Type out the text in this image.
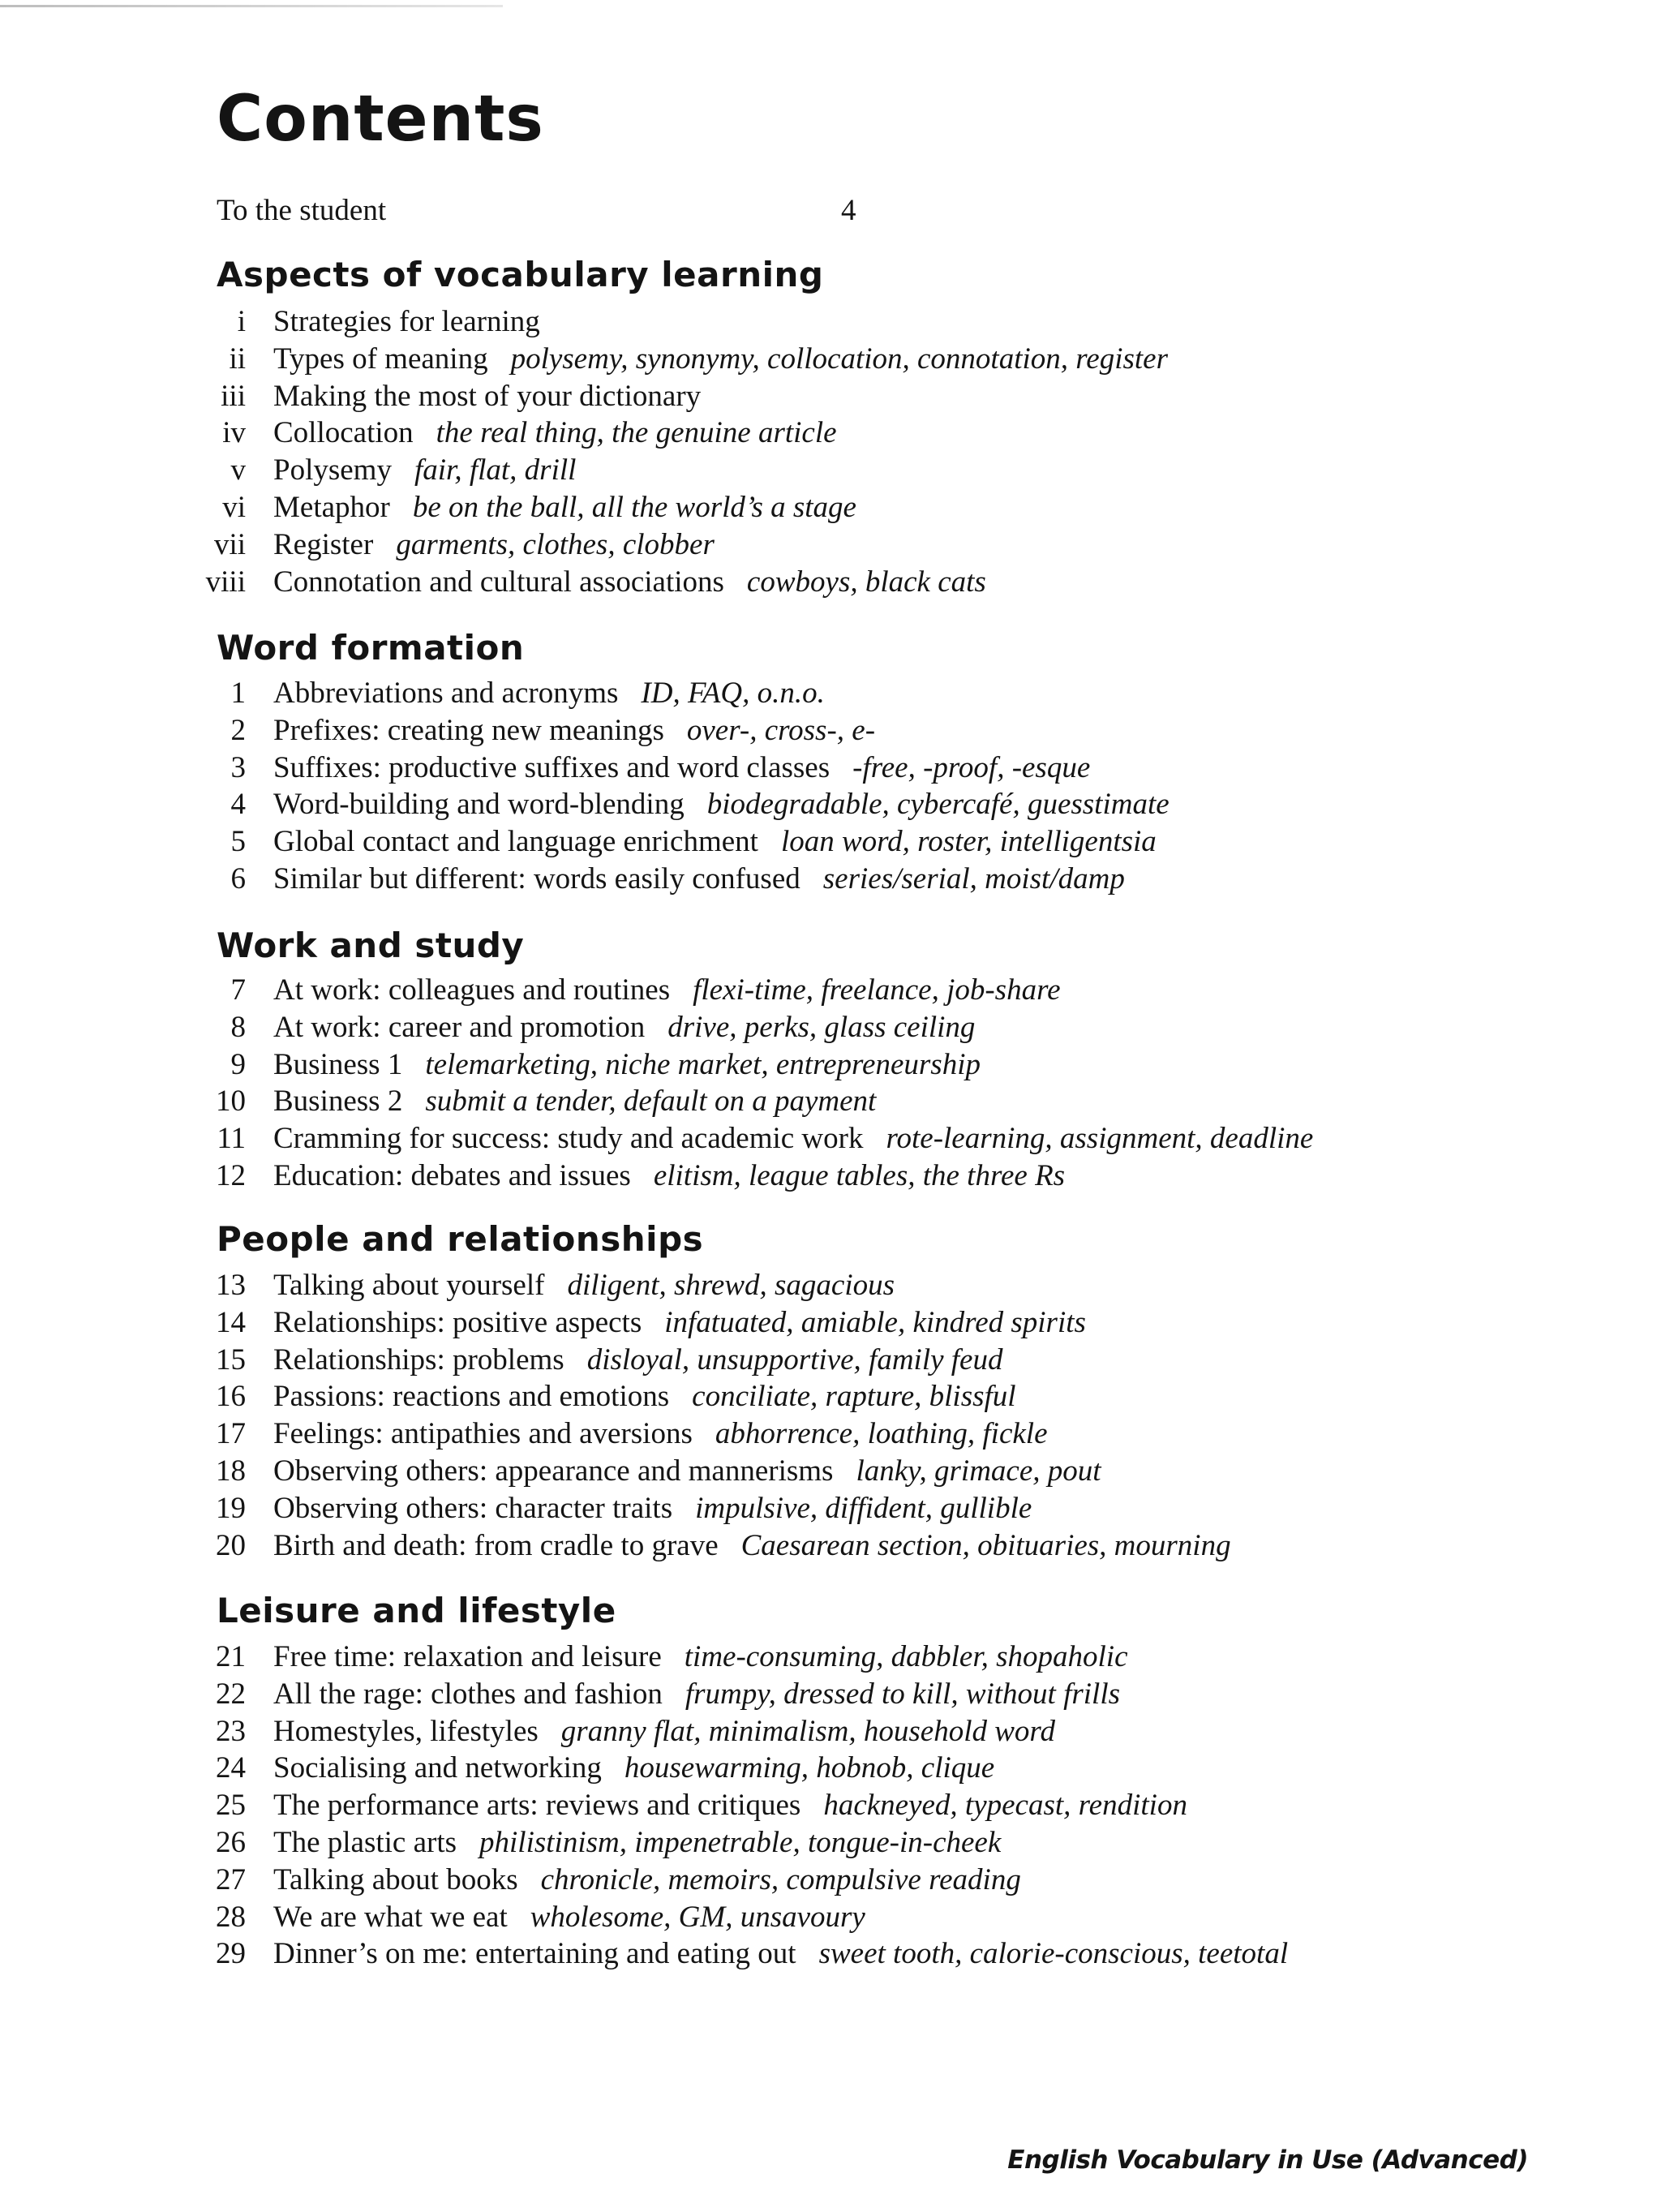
Contents
To the student	4
Aspects of vocabulary learning
i Strategies for learning
ii Types of meaning polysemy, synonymy, collocation, connotation, register
iii Making the most of your dictionary
iv Collocation the real thing, the genuine article
v Polysemy fair, flat, drill
vi Metaphor be on the ball, all the world’s a stage
vii Register garments, clothes, clobber
viii Connotation and cultural associations cowboys, black cats
Word formation
1 Abbreviations and acronyms ID, FAQ, o.n.o.
2 Prefixes: creating new meanings over-, cross-, e-
3 Suffixes: productive suffixes and word classes -free, -proof, -esque
4 Word-building and word-blending biodegradable, cybercafé, guesstimate
5 Global contact and language enrichment loan word, roster, intelligentsia
6 Similar but different: words easily confused series/serial, moist/damp
Work and study
7 At work: colleagues and routines flexi-time, freelance, job-share
8 At work: career and promotion drive, perks, glass ceiling
9 Business 1 telemarketing, niche market, entrepreneurship
10 Business 2 submit a tender, default on a payment
11 Cramming for success: study and academic work rote-learning, assignment, deadline
12 Education: debates and issues elitism, league tables, the three Rs
People and relationships
13 Talking about yourself diligent, shrewd, sagacious
14 Relationships: positive aspects infatuated, amiable, kindred spirits
15 Relationships: problems disloyal, unsupportive, family feud
16 Passions: reactions and emotions conciliate, rapture, blissful
17 Feelings: antipathies and aversions abhorrence, loathing, fickle
18 Observing others: appearance and mannerisms lanky, grimace, pout
19 Observing others: character traits impulsive, diffident, gullible
20 Birth and death: from cradle to grave Caesarean section, obituaries, mourning
Leisure and lifestyle
21 Free time: relaxation and leisure time-consuming, dabbler, shopaholic
22 All the rage: clothes and fashion frumpy, dressed to kill, without frills
23 Homestyles, lifestyles granny flat, minimalism, household word
24 Socialising and networking housewarming, hobnob, clique
25 The performance arts: reviews and critiques hackneyed, typecast, rendition
26 The plastic arts philistinism, impenetrable, tongue-in-cheek
27 Talking about books chronicle, memoirs, compulsive reading
28 We are what we eat wholesome, GM, unsavoury
29 Dinner’s on me: entertaining and eating out sweet tooth, calorie-conscious, teetotal
English Vocabulary in Use (Advanced)
